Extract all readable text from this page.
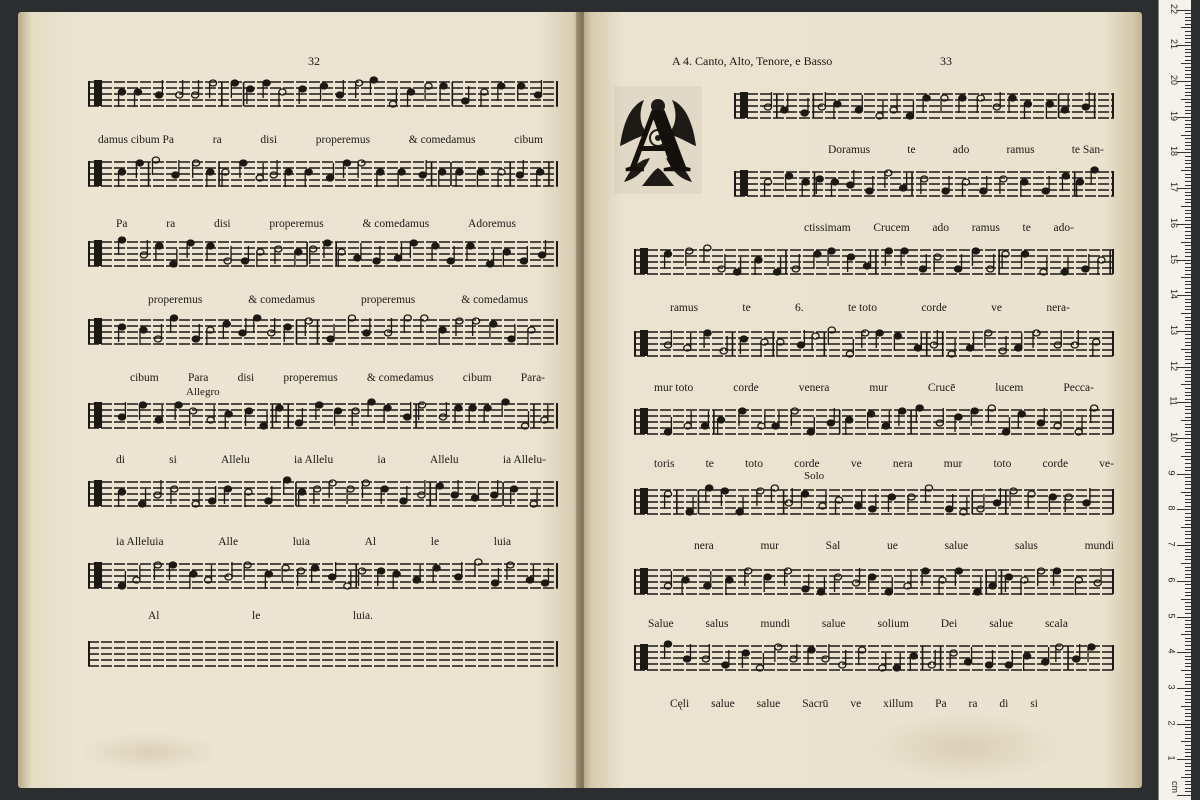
32
damus cibum Pa	ra	disi	properemus	& comedamus	cibum
Pa	ra	disi	properemus	& comedamus	Adoremus
properemus	& comedamus	properemus	& comedamus
cibum	Para	disi	properemus	& comedamus	cibum	Para-
Allegro
di	si	Allelu	ia Allelu	ia	Allelu	ia Allelu-
ia Alleluia	Alle	luia	Al	le	luia
Al	le	luia.
A 4. Canto, Alto, Tenore, e Basso	33
A	Doramus	te	ado	ramus	te San-
ctissimam Crucem ado ramus te ado-
ramus	te	6.	te toto	corde	ve	nera-
mur toto	corde	venera	mur	Crucē	lucem	Pecca-
toris	te	toto	corde	ve	nera	mur	toto	corde	ve-
Solo
nera	mur	Sal	ue	salue	salus	mundi
Salue	salus	mundi	salue	solium	Dei	salue	scala
Cęli salue salue Sacrū ve xillum Pa ra di si
cm
1
2
3
4
5
6
7
8
9
10
11
12
13
14
15
16
17
18
19
20
21
22
